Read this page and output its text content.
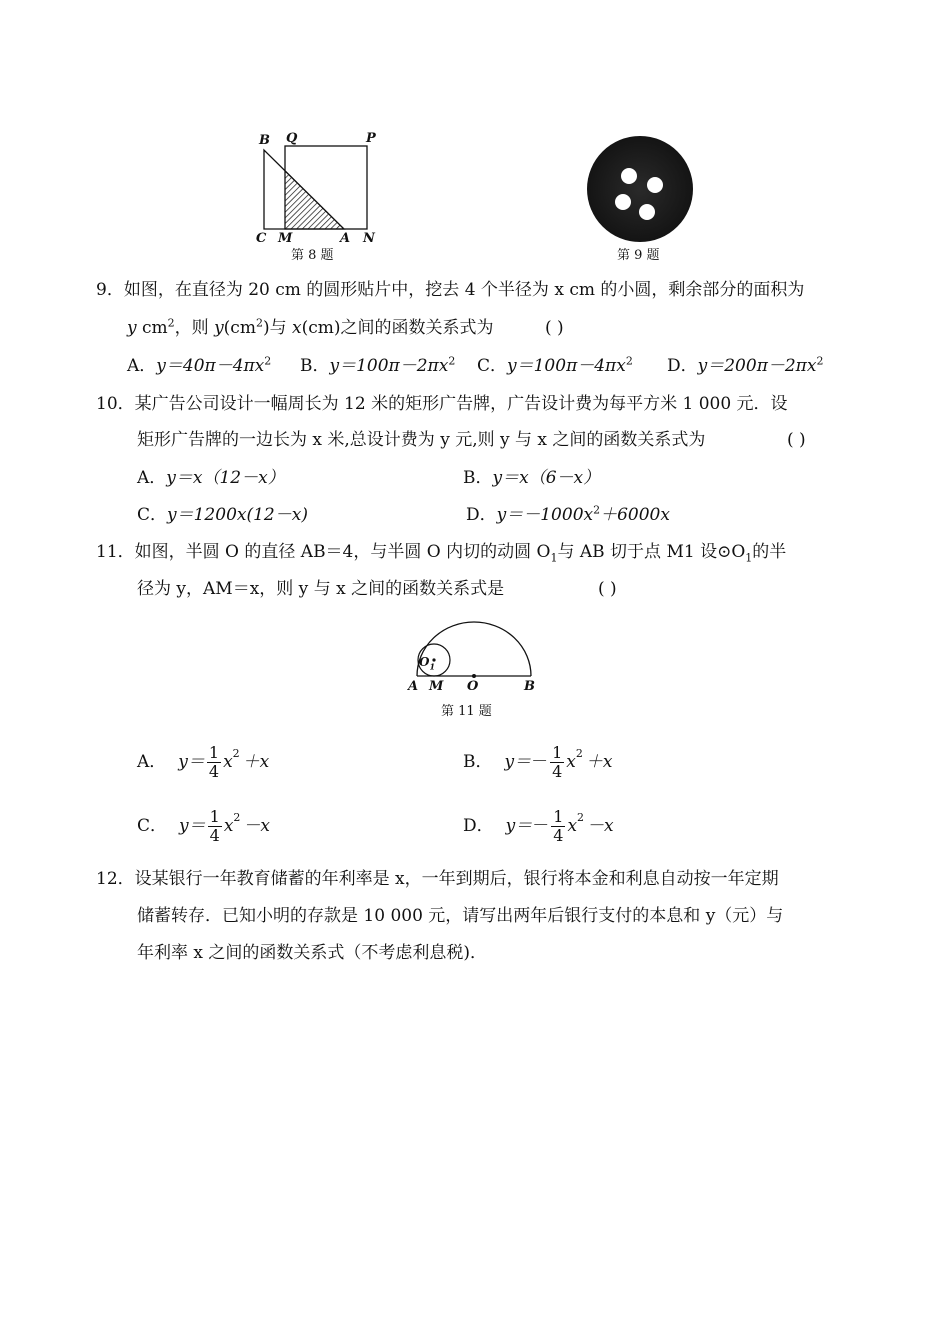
B Q	P
C M	A N
第 8 题	第 9 题
9．如图，在直径为 20 cm 的圆形贴片中，挖去 4 个半径为 x cm 的小圆，剩余部分的面积为
y $cm^2$，则 $y(cm^2)$与 x(cm)之间的函数关系式为	( )
A．$y=40\pi-4\pi x^2$ B．$y=100\pi-2\pi x^2$ C．$y=100\pi-4\pi x^2$ D．$y=200\pi-2\pi x^2$
10．某广告公司设计一幅周长为 12 米的矩形广告牌，广告设计费为每平方米 1 000 元．设
矩形广告牌的一边长为 x 米,总设计费为 y 元,则 y 与 x 之间的函数关系式为	( )
A．y＝x（12－x）	B．y＝x（6－x）
C．y＝1200x(12－x)	D．$y=-1000x^2+6000x$
11．如图，半圆 O 的直径 AB＝4，与半圆 O 内切的动圆 $O_1$与 AB 切于点 M1 设$⊙O_1$的半
径为 y，AM＝x，则 y 与 x 之间的函数关系式是	( )
$O_1$
A M O	B
第 11 题
A． $y= \frac{1}{4} x^2 +x$	B． $y= - \frac{1}{4} x^2 +x$
C． $y= \frac{1}{4} x^2 -x$	D． $y= - \frac{1}{4} x^2 -x$
12．设某银行一年教育储蓄的年利率是 x，一年到期后，银行将本金和利息自动按一年定期
储蓄转存．已知小明的存款是 10 000 元，请写出两年后银行支付的本息和 y（元）与
年利率 x 之间的函数关系式（不考虑利息税)．
